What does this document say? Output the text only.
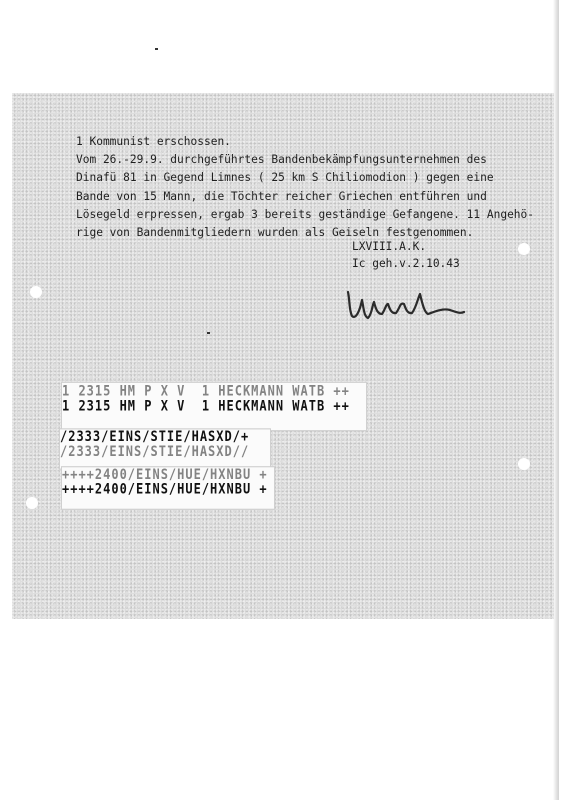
1 Kommunist erschossen.
Vom 26.-29.9. durchgeführtes Bandenbekämpfungsunternehmen des
Dinafü 81 in Gegend Limnes ( 25 km S Chiliomodion ) gegen eine
Bande von 15 Mann, die Töchter reicher Griechen entführen und
Lösegeld erpressen, ergab 3 bereits geständige Gefangene. 11 Angehö-
rige von Bandenmitgliedern wurden als Geiseln festgenommen.
LXVIII.A.K.
Ic geh.v.2.10.43
1 2315 HM P X V  1 HECKMANN WATB ++
1 2315 HM P X V  1 HECKMANN WATB ++
/2333/EINS/STIE/HASXD/+
/2333/EINS/STIE/HASXD//
++++2400/EINS/HUE/HXNBU +
++++2400/EINS/HUE/HXNBU +
